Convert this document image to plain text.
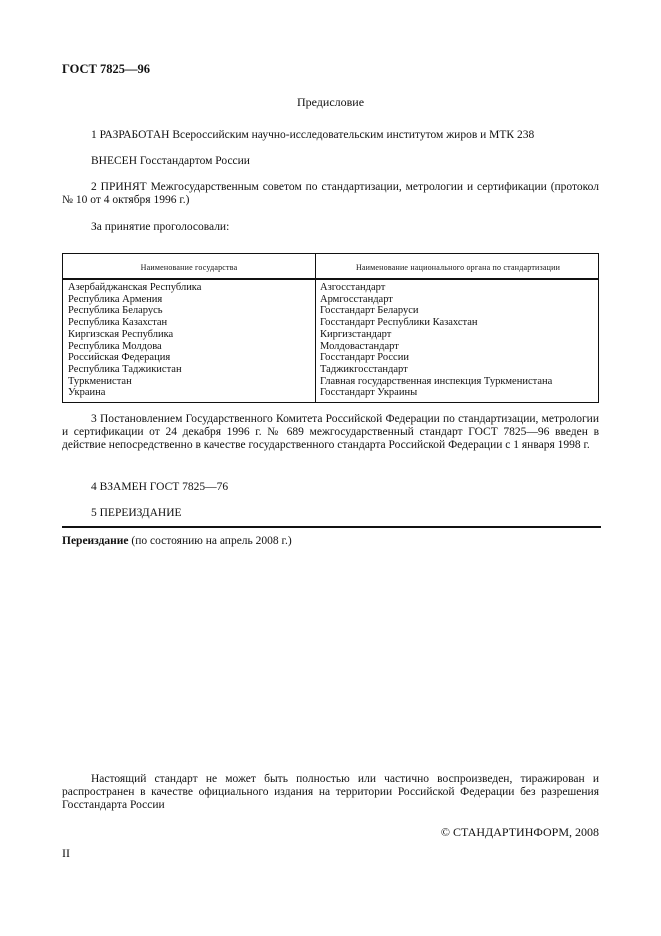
ГОСТ 7825—96
Предисловие
1 РАЗРАБОТАН Всероссийским научно-исследовательским институтом жиров и МТК 238
ВНЕСЕН Госстандартом России
2 ПРИНЯТ Межгосударственным советом по стандартизации, метрологии и сертификации (протокол № 10 от 4 октября 1996 г.)
За принятие проголосовали:
Наименование государства	Наименование национального органа по стандартизации
Азербайджанская Республика
Республика Армения
Республика Беларусь
Республика Казахстан
Киргизская Республика
Республика Молдова
Российская Федерация
Республика Таджикистан
Туркменистан
Украина
Азгосстандарт
Армгосстандарт
Госстандарт Беларуси
Госстандарт Республики Казахстан
Киргизстандарт
Молдовастандарт
Госстандарт России
Таджикгосстандарт
Главная государственная инспекция Туркменистана
Госстандарт Украины
3 Постановлением Государственного Комитета Российской Федерации по стандартизации, метрологии и сертификации от 24 декабря 1996 г. № 689 межгосударственный стандарт ГОСТ 7825—96 введен в действие непосредственно в качестве государственного стандарта Российской Федерации с 1 января 1998 г.
4 ВЗАМЕН ГОСТ 7825—76
5 ПЕРЕИЗДАНИЕ
Переиздание (по состоянию на апрель 2008 г.)
Настоящий стандарт не может быть полностью или частично воспроизведен, тиражирован и распространен в качестве официального издания на территории Российской Федерации без разрешения Госстандарта России
© СТАНДАРТИНФОРМ, 2008
II
